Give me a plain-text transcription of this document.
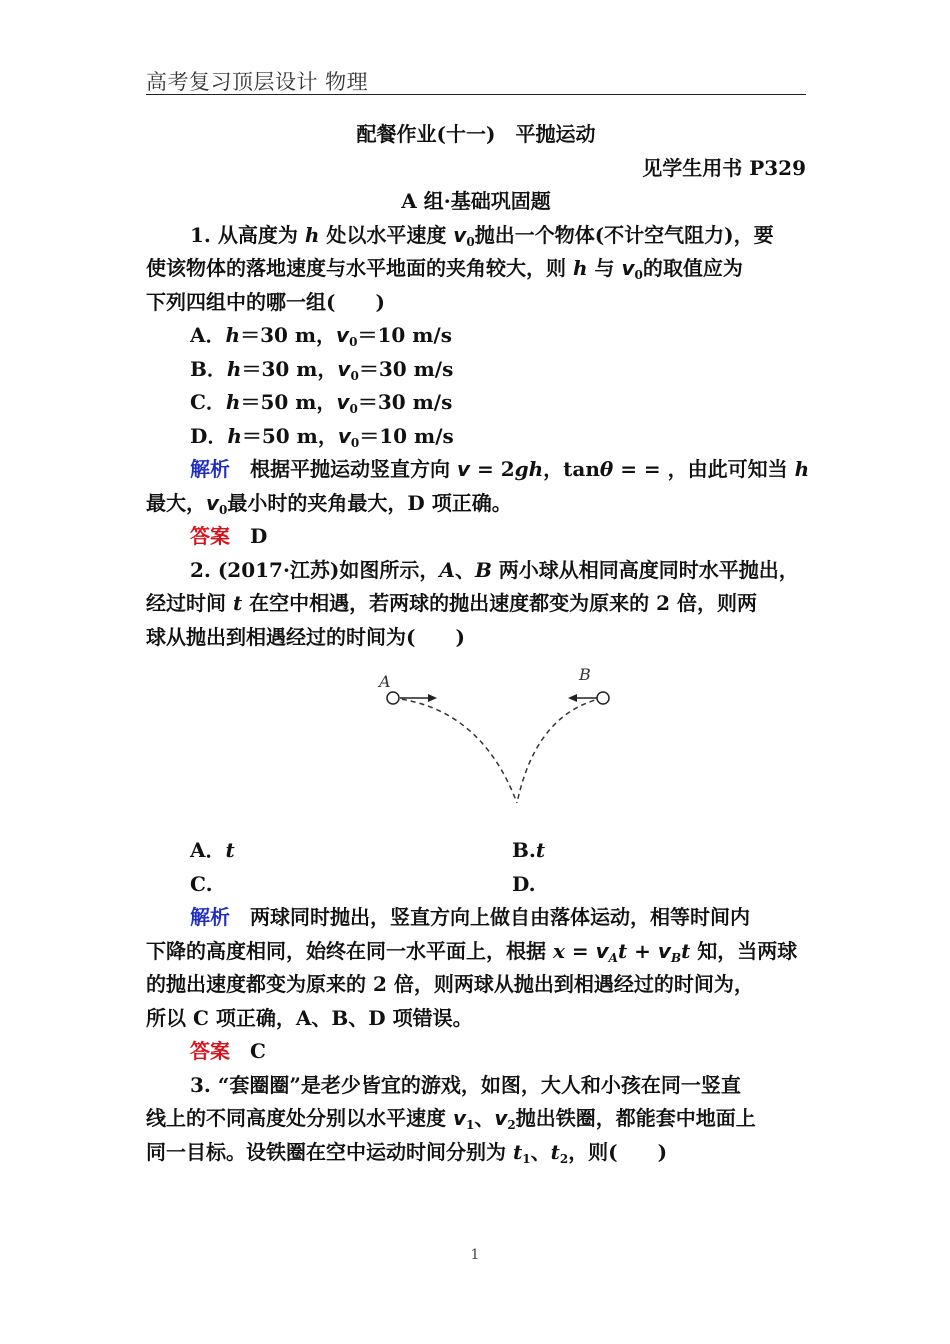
高考复习顶层设计 物理
配餐作业(十一)　平抛运动
见学生用书 P329
A 组·基础巩固题
1. 从高度为 h 处以水平速度 $v_0$抛出一个物体(不计空气阻力)，要
使该物体的落地速度与水平地面的夹角较大，则 h 与 $v_0$的取值应为
下列四组中的哪一组(　　)
A．h＝30 m，$v_0=10$ m/s
B．h＝30 m，$v_0=30$ m/s
C．h＝50 m，$v_0=30$ m/s
D．h＝50 m，$v_0=10$ m/s
解析　根据平抛运动竖直方向 v = 2gh，tanθ = = ，由此可知当 h
最大，$v_0$最小时的夹角最大，D 项正确。
答案　D
2. (2017·江苏)如图所示，A、B 两小球从相同高度同时水平抛出，
经过时间 t 在空中相遇，若两球的抛出速度都变为原来的 2 倍，则两
球从抛出到相遇经过的时间为(　　)
A	B
A．t	B.t
C.	D.
解析　两球同时抛出，竖直方向上做自由落体运动，相等时间内
下降的高度相同，始终在同一水平面上，根据 $x = v_At + v_Bt$ 知，当两球
的抛出速度都变为原来的 2 倍，则两球从抛出到相遇经过的时间为，
所以 C 项正确，A、B、D 项错误。
答案　C
3. “套圈圈”是老少皆宜的游戏，如图，大人和小孩在同一竖直
线上的不同高度处分别以水平速度 $v_1$、$v_2$抛出铁圈，都能套中地面上
同一目标。设铁圈在空中运动时间分别为 $t_1$、$t_2$，则(　　)
1
